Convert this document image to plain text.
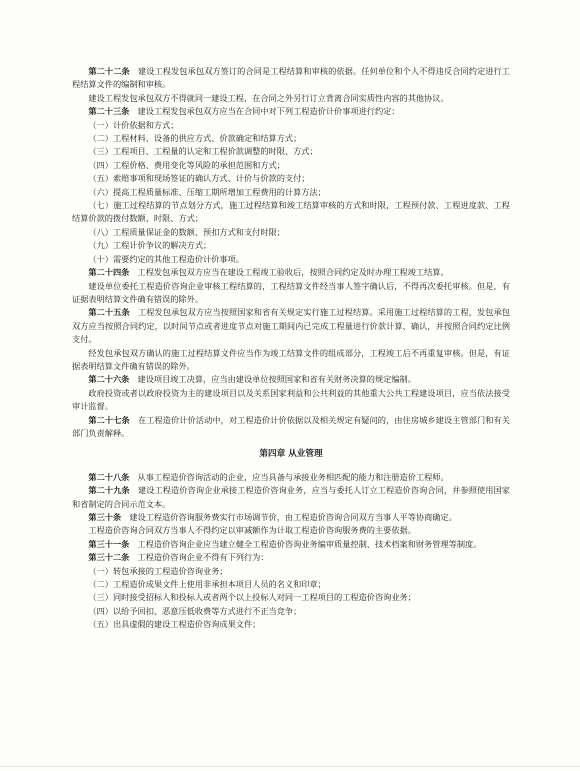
第二十二条 建设工程发包承包双方签订的合同是工程结算和审核的依据。任何单位和个人不得违反合同约定进行工程结算文件的编制和审核。

建设工程发包承包双方不得就同一建设工程，在合同之外另行订立背离合同实质性内容的其他协议。

第二十三条 建设工程发包承包双方应当在合同中对下列工程造价计价事项进行约定：

（一）计价依据和方式；

（二）工程材料、设备的供应方式、价款确定和结算方式；

（三）工程项目、工程量的认定和工程价款调整的时限、方式；

（四）工程价格、费用变化等风险的承担范围和方式；

（五）索赔事项和现场签证的确认方式、计价与价款的支付；

（六）提高工程质量标准、压缩工期所增加工程费用的计算方法；

（七）施工过程结算的节点划分方式，施工过程结算和竣工结算审核的方式和时限，工程预付款、工程进度款、工程结算价款的拨付数额、时限、方式；

（八）工程质量保证金的数额、预扣方式和支付时限；

（九）工程计价争议的解决方式；

（十）需要约定的其他工程造价计价事项。

第二十四条 工程发包承包双方应当在建设工程竣工验收后，按照合同约定及时办理工程竣工结算。

建设单位委托工程造价咨询企业审核工程结算的，工程结算文件经当事人签字确认后，不得再次委托审核。但是，有证据表明结算文件确有错误的除外。

第二十五条 工程发包承包双方应当按照国家和省有关规定实行施工过程结算。采用施工过程结算的工程，发包承包双方应当按照合同约定，以时间节点或者进度节点对施工期间内已完成工程量进行价款计算、确认，并按照合同约定比例支付。

经发包承包双方确认的施工过程结算文件应当作为竣工结算文件的组成部分，工程竣工后不再重复审核。但是，有证据表明结算文件确有错误的除外。

第二十六条 建设项目竣工决算，应当由建设单位按照国家和省有关财务决算的规定编制。

政府投资或者以政府投资为主的建设项目以及关系国家利益和公共利益的其他重大公共工程建设项目，应当依法接受审计监督。

第二十七条 在工程造价计价活动中，对工程造价计价依据以及相关规定有疑问的，由住房城乡建设主管部门和有关部门负责解释。

第四章 从业管理

第二十八条 从事工程造价咨询活动的企业，应当具备与承接业务相匹配的能力和注册造价工程师。

第二十九条 建设工程造价咨询企业承接工程造价咨询业务，应当与委托人订立工程造价咨询合同，并参照使用国家和省制定的合同示范文本。

第三十条 建设工程造价咨询服务费实行市场调节价，由工程造价咨询合同双方当事人平等协商确定。

工程造价咨询合同双方当事人不得约定以审减额作为计取工程造价咨询服务费的主要依据。

第三十一条 工程造价咨询企业应当建立健全工程造价咨询业务编审质量控制、技术档案和财务管理等制度。

第三十二条 工程造价咨询企业不得有下列行为：

（一）转包承接的工程造价咨询业务；

（二）工程造价成果文件上使用非承担本项目人员的名义和印章；

（三）同时接受招标人和投标人或者两个以上投标人对同一工程项目的工程造价咨询业务；

（四）以给予回扣、恶意压低收费等方式进行不正当竞争；

（五）出具虚假的建设工程造价咨询成果文件；
